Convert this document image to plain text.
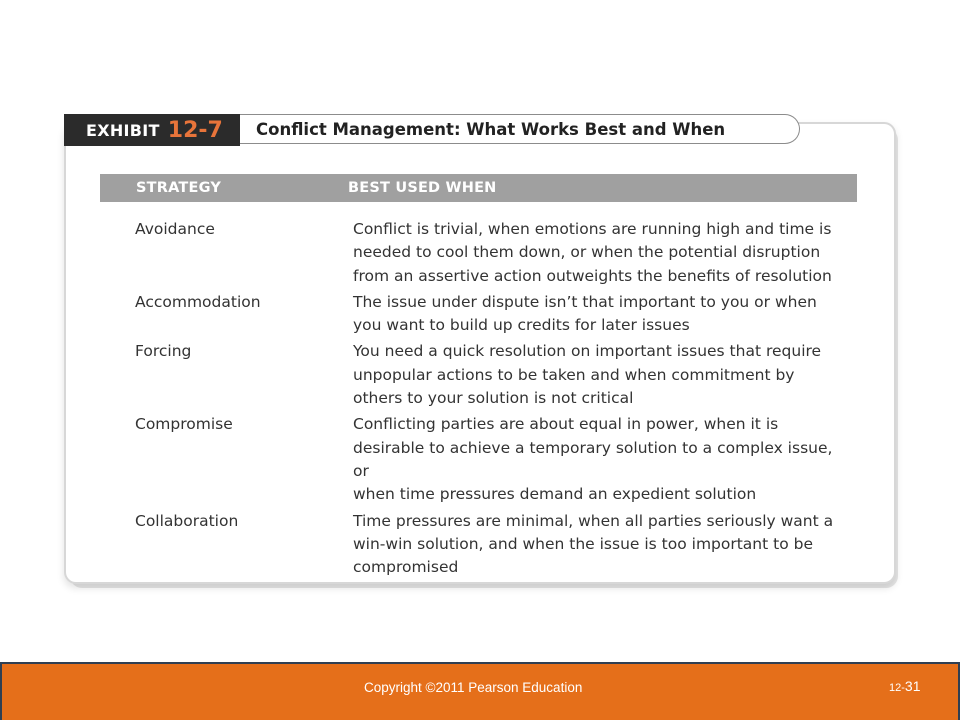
EXHIBIT 12-7 Conflict Management: What Works Best and When
STRATEGY	BEST USED WHEN
Avoidance	Conflict is trivial, when emotions are running high and time is
needed to cool them down, or when the potential disruption
from an assertive action outweights the benefits of resolution
Accommodation	The issue under dispute isn’t that important to you or when
you want to build up credits for later issues
Forcing	You need a quick resolution on important issues that require
unpopular actions to be taken and when commitment by
others to your solution is not critical
Compromise	Conflicting parties are about equal in power, when it is
desirable to achieve a temporary solution to a complex issue, or
when time pressures demand an expedient solution
Collaboration	Time pressures are minimal, when all parties seriously want a
win-win solution, and when the issue is too important to be
compromised
Copyright ©2011 Pearson Education	12-31
